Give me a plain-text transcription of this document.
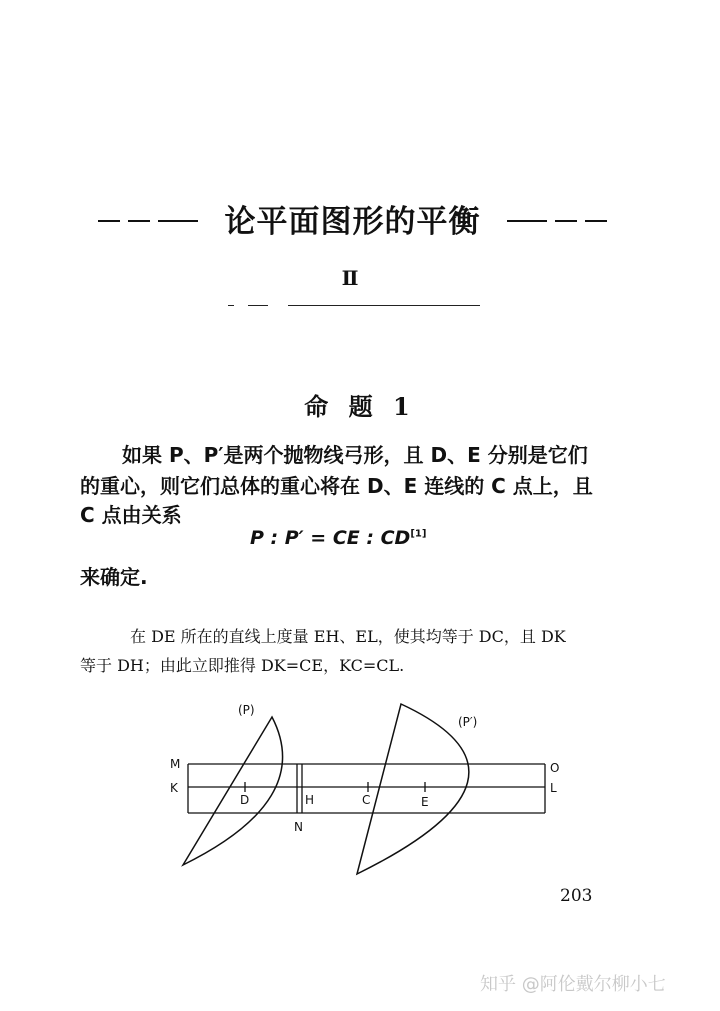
论平面图形的平衡
Ⅱ
命 题 1
如果 P、P′是两个抛物线弓形，且 D、E 分别是它们
的重心，则它们总体的重心将在 D、E 连线的 C 点上，且
C 点由关系
P : P′ = CE : CD[1]
来确定.
在 DE 所在的直线上度量 EH、EL，使其均等于 DC，且 DK
等于 DH；由此立即推得 DK=CE，KC=CL.
(P)
(P′)
M
K
D	H
N
C	E
O
L
203
知乎 @阿伦戴尔柳小七
